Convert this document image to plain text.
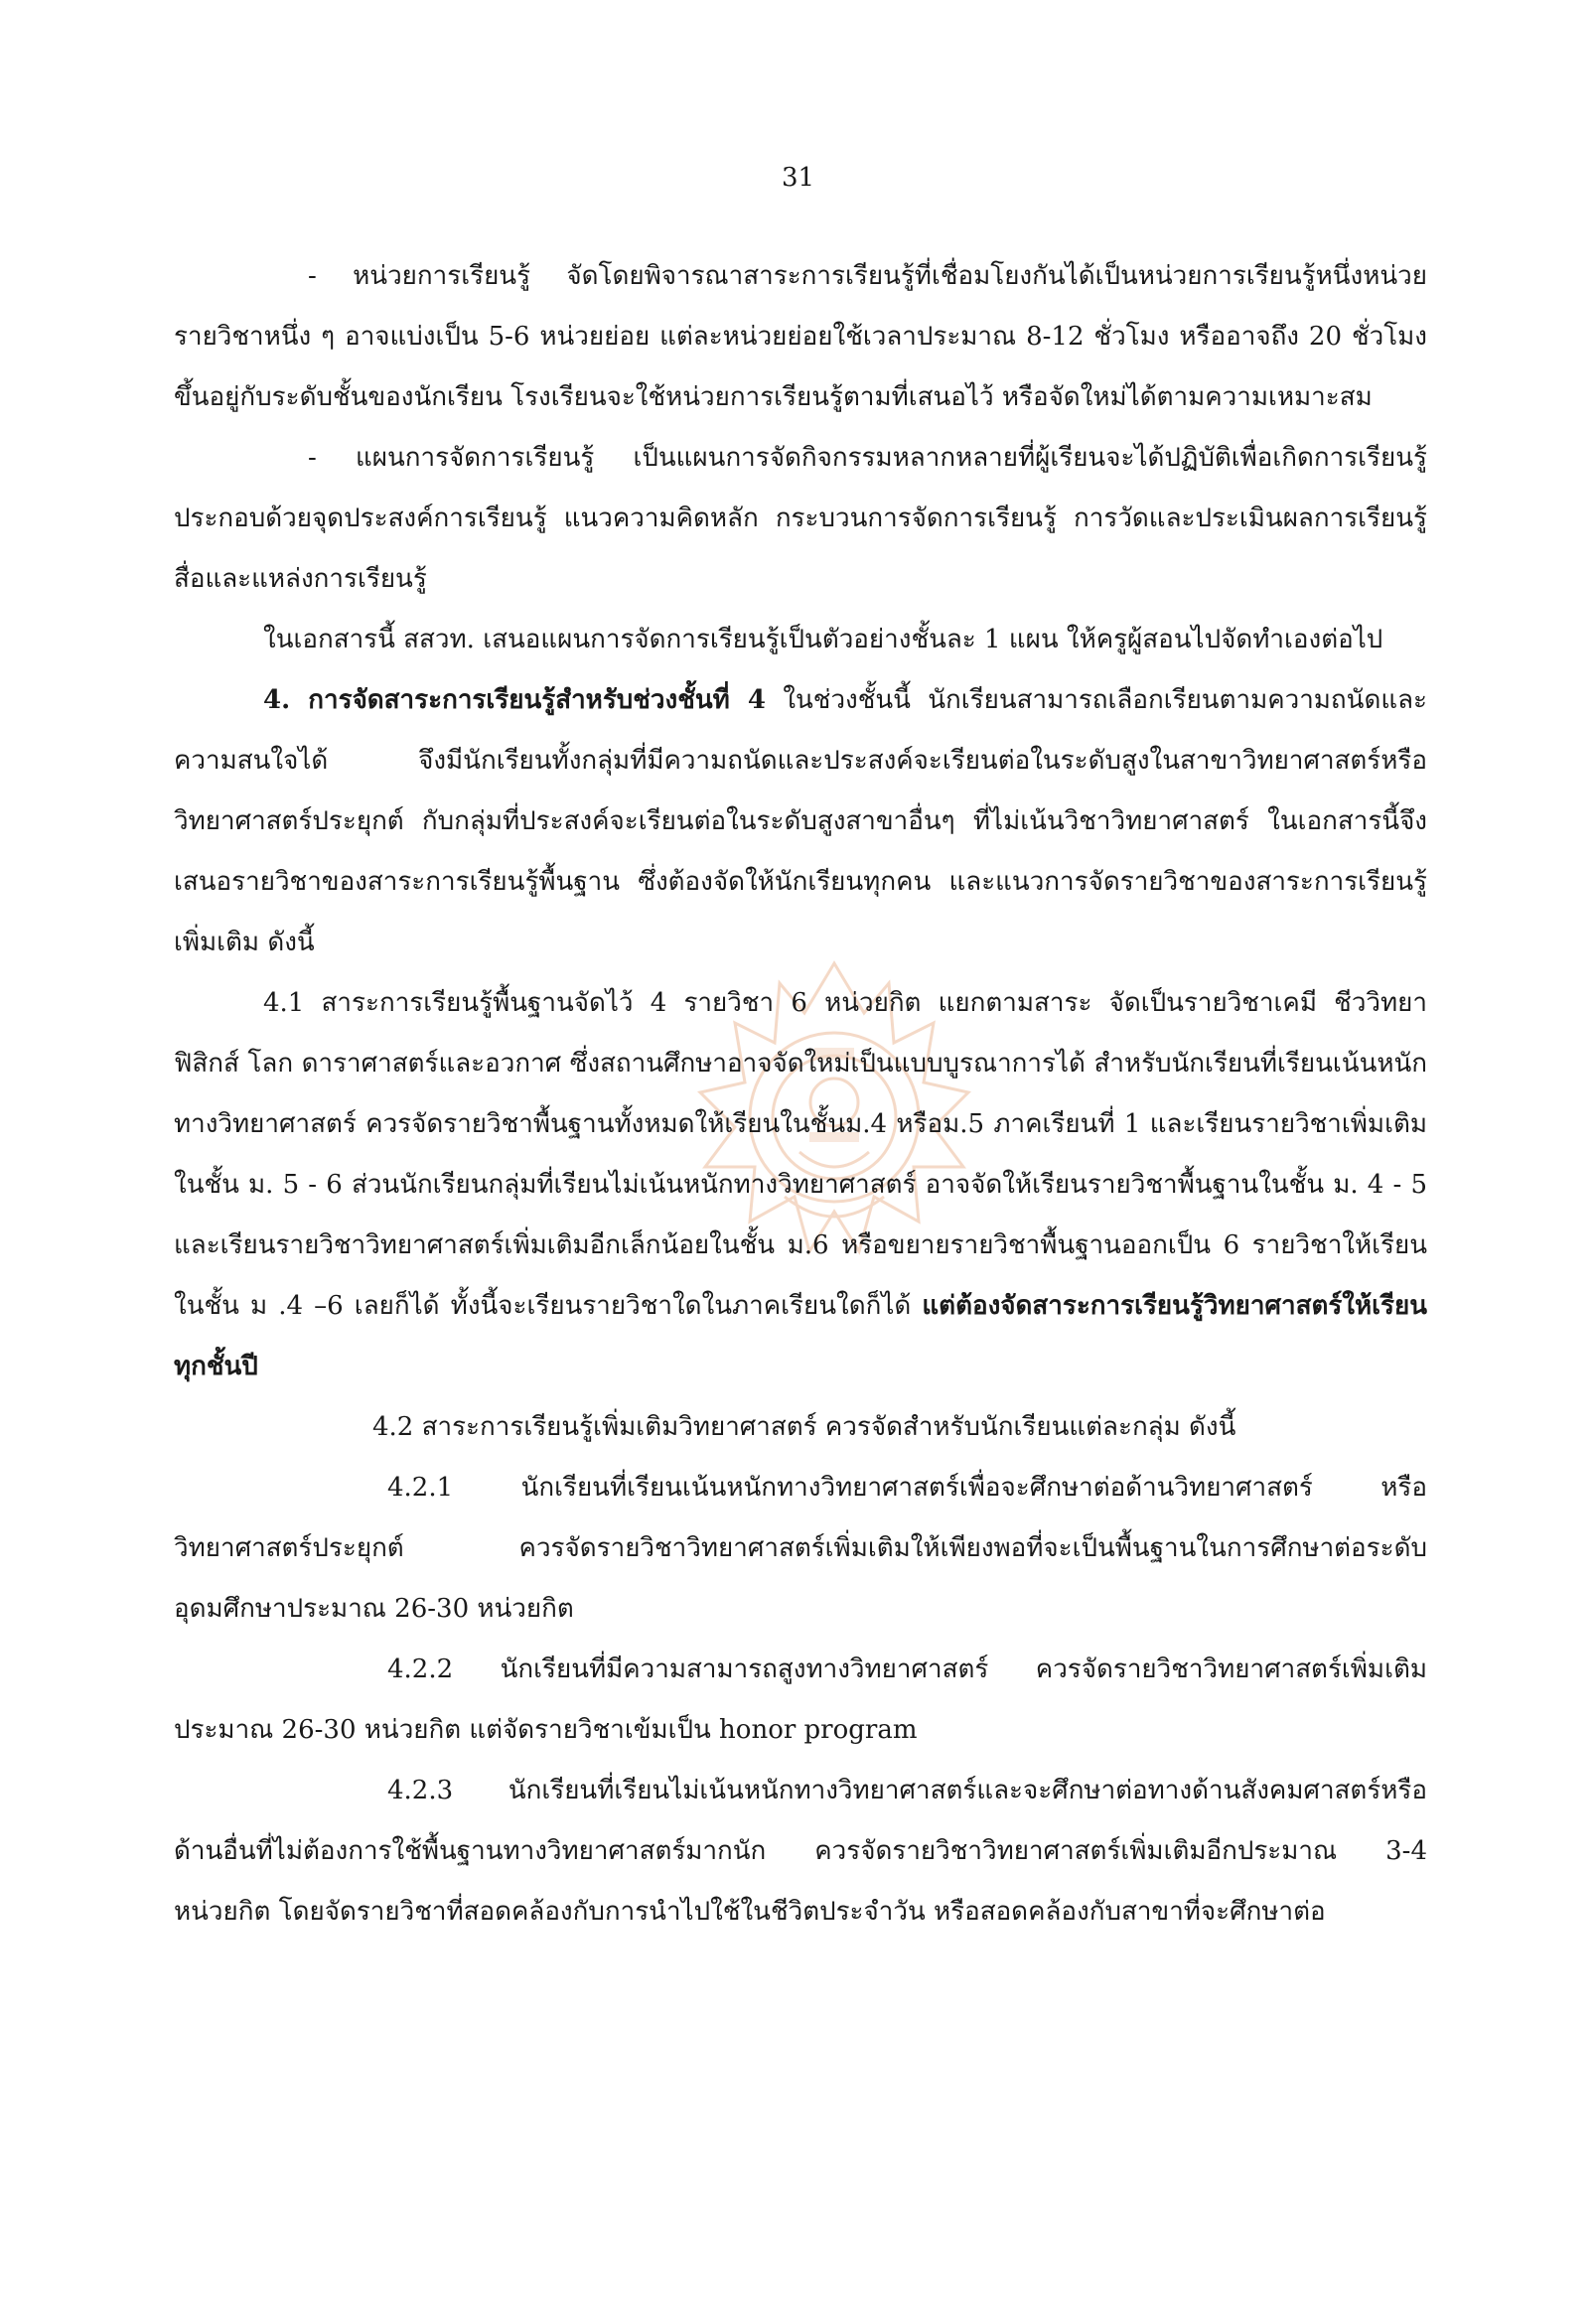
31

- หน่วยการเรียนรู้ จัดโดยพิจารณาสาระการเรียนรู้ที่เชื่อมโยงกันได้เป็นหน่วยการเรียนรู้หนึ่งหน่วย รายวิชาหนึ่ง ๆ อาจแบ่งเป็น 5-6 หน่วยย่อย แต่ละหน่วยย่อยใช้เวลาประมาณ 8-12 ชั่วโมง หรืออาจถึง 20 ชั่วโมง ขึ้นอยู่กับระดับชั้นของนักเรียน โรงเรียนจะใช้หน่วยการเรียนรู้ตามที่เสนอไว้ หรือจัดใหม่ได้ตามความเหมาะสม

- แผนการจัดการเรียนรู้ เป็นแผนการจัดกิจกรรมหลากหลายที่ผู้เรียนจะได้ปฏิบัติเพื่อเกิดการเรียนรู้ ประกอบด้วยจุดประสงค์การเรียนรู้ แนวความคิดหลัก กระบวนการจัดการเรียนรู้ การวัดและประเมินผลการเรียนรู้ สื่อและแหล่งการเรียนรู้

ในเอกสารนี้ สสวท. เสนอแผนการจัดการเรียนรู้เป็นตัวอย่างชั้นละ 1 แผน ให้ครูผู้สอนไปจัดทำเองต่อไป

4. การจัดสาระการเรียนรู้สำหรับช่วงชั้นที่ 4 ในช่วงชั้นนี้ นักเรียนสามารถเลือกเรียนตามความถนัดและความสนใจได้ จึงมีนักเรียนทั้งกลุ่มที่มีความถนัดและประสงค์จะเรียนต่อในระดับสูงในสาขาวิทยาศาสตร์หรือวิทยาศาสตร์ประยุกต์ กับกลุ่มที่ประสงค์จะเรียนต่อในระดับสูงสาขาอื่นๆ ที่ไม่เน้นวิชาวิทยาศาสตร์ ในเอกสารนี้จึงเสนอรายวิชาของสาระการเรียนรู้พื้นฐาน ซึ่งต้องจัดให้นักเรียนทุกคน และแนวการจัดรายวิชาของสาระการเรียนรู้เพิ่มเติม ดังนี้

4.1 สาระการเรียนรู้พื้นฐานจัดไว้ 4 รายวิชา 6 หน่วยกิต แยกตามสาระ จัดเป็นรายวิชาเคมี ชีววิทยา ฟิสิกส์ โลก ดาราศาสตร์และอวกาศ ซึ่งสถานศึกษาอาจจัดใหม่เป็นแบบบูรณาการได้ สำหรับนักเรียนที่เรียนเน้นหนักทางวิทยาศาสตร์ ควรจัดรายวิชาพื้นฐานทั้งหมดให้เรียนในชั้นม.4 หรือม.5 ภาคเรียนที่ 1 และเรียนรายวิชาเพิ่มเติมในชั้น ม. 5 - 6 ส่วนนักเรียนกลุ่มที่เรียนไม่เน้นหนักทางวิทยาศาสตร์ อาจจัดให้เรียนรายวิชาพื้นฐานในชั้น ม. 4 - 5 และเรียนรายวิชาวิทยาศาสตร์เพิ่มเติมอีกเล็กน้อยในชั้น ม.6 หรือขยายรายวิชาพื้นฐานออกเป็น 6 รายวิชาให้เรียนในชั้น ม .4 –6 เลยก็ได้ ทั้งนี้จะเรียนรายวิชาใดในภาคเรียนใดก็ได้ แต่ต้องจัดสาระการเรียนรู้วิทยาศาสตร์ให้เรียนทุกชั้นปี

4.2 สาระการเรียนรู้เพิ่มเติมวิทยาศาสตร์ ควรจัดสำหรับนักเรียนแต่ละกลุ่ม ดังนี้

4.2.1 นักเรียนที่เรียนเน้นหนักทางวิทยาศาสตร์เพื่อจะศึกษาต่อด้านวิทยาศาสตร์ หรือวิทยาศาสตร์ประยุกต์ ควรจัดรายวิชาวิทยาศาสตร์เพิ่มเติมให้เพียงพอที่จะเป็นพื้นฐานในการศึกษาต่อระดับอุดมศึกษาประมาณ 26-30 หน่วยกิต

4.2.2 นักเรียนที่มีความสามารถสูงทางวิทยาศาสตร์ ควรจัดรายวิชาวิทยาศาสตร์เพิ่มเติมประมาณ 26-30 หน่วยกิต แต่จัดรายวิชาเข้มเป็น honor program

4.2.3 นักเรียนที่เรียนไม่เน้นหนักทางวิทยาศาสตร์และจะศึกษาต่อทางด้านสังคมศาสตร์หรือด้านอื่นที่ไม่ต้องการใช้พื้นฐานทางวิทยาศาสตร์มากนัก ควรจัดรายวิชาวิทยาศาสตร์เพิ่มเติมอีกประมาณ 3-4 หน่วยกิต โดยจัดรายวิชาที่สอดคล้องกับการนำไปใช้ในชีวิตประจำวัน หรือสอดคล้องกับสาขาที่จะศึกษาต่อ
